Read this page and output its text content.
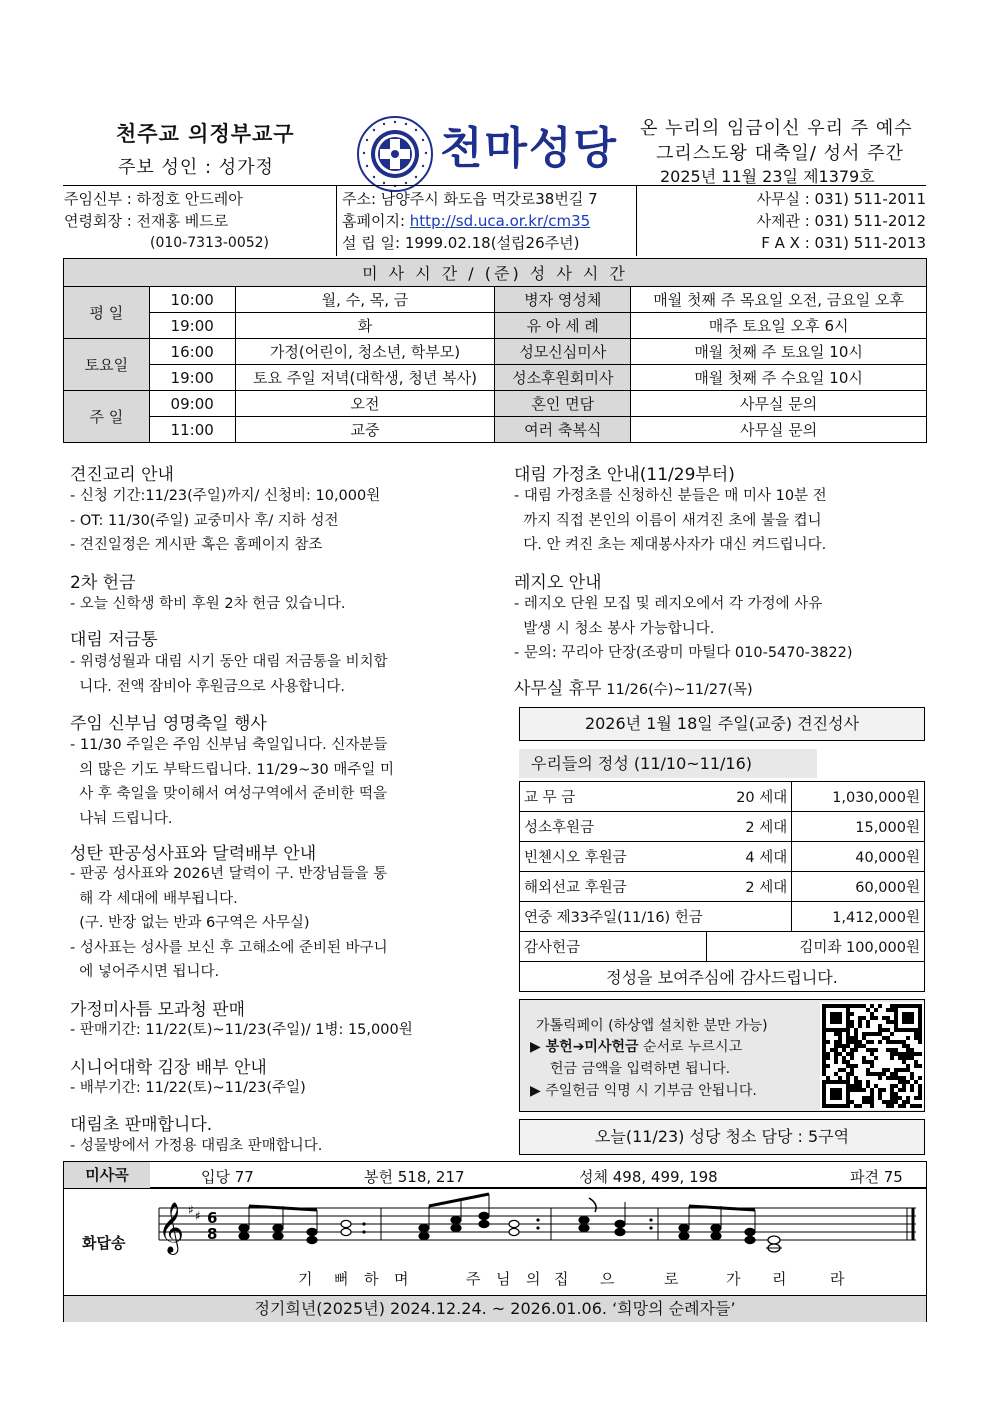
천주교 의정부교구
주보 성인 : 성가정	천마성당 온 누리의 임금이신 우리 주 예수
그리스도왕 대축일/ 성서 주간
2025년 11월 23일 제1379호
주임신부 : 하정호 안드레아
연령회장 : 전재홍 베드로
(010-7313-0052)
주소: 남양주시 화도읍 먹갓로38번길 7
홈페이지: http://sd.uca.or.kr/cm35
설 립 일: 1999.02.18(설립26주년)
사무실 : 031) 511-2011
사제관 : 031) 511-2012
F A X : 031) 511-2013
미 사 시 간 / (준) 성 사 시 간				
평 일	10:00	월, 수, 목, 금	병자 영성체	매월 첫째 주 목요일 오전, 금요일 오후
	19:00	화	유 아 세 례	매주 토요일 오후 6시
토요일	16:00	가정(어린이, 청소년, 학부모)	성모신심미사	매월 첫째 주 토요일 10시
	19:00	토요 주일 저녁(대학생, 청년 복사)	성소후원회미사	매월 첫째 주 수요일 10시
주 일	09:00	오전	혼인 면담	사무실 문의
	11:00	교중	여러 축복식	사무실 문의
견진교리 안내
- 신청 기간:11/23(주일)까지/ 신청비: 10,000원
- OT: 11/30(주일) 교중미사 후/ 지하 성전
- 견진일정은 게시판 혹은 홈페이지 참조
2차 헌금
- 오늘 신학생 학비 후원 2차 헌금 있습니다.
대림 저금통
- 위령성월과 대림 시기 동안 대림 저금통을 비치합
니다. 전액 잠비아 후원금으로 사용합니다.
주임 신부님 영명축일 행사
- 11/30 주일은 주임 신부님 축일입니다. 신자분들
의 많은 기도 부탁드립니다. 11/29~30 매주일 미
사 후 축일을 맞이해서 여성구역에서 준비한 떡을
나눠 드립니다.
성탄 판공성사표와 달력배부 안내
- 판공 성사표와 2026년 달력이 구. 반장님들을 통
해 각 세대에 배부됩니다.
(구. 반장 없는 반과 6구역은 사무실)
- 성사표는 성사를 보신 후 고해소에 준비된 바구니
에 넣어주시면 됩니다.
가정미사틈 모과청 판매
- 판매기간: 11/22(토)~11/23(주일)/ 1병: 15,000원
시니어대학 김장 배부 안내
- 배부기간: 11/22(토)~11/23(주일)
대림초 판매합니다.
- 성물방에서 가정용 대림초 판매합니다.
대림 가정초 안내(11/29부터)
- 대림 가정초를 신청하신 분들은 매 미사 10분 전
까지 직접 본인의 이름이 새겨진 초에 불을 켭니
다. 안 켜진 초는 제대봉사자가 대신 켜드립니다.
레지오 안내
- 레지오 단원 모집 및 레지오에서 각 가정에 사유
발생 시 청소 봉사 가능합니다.
- 문의: 꾸리아 단장(조광미 마틸다 010-5470-3822)
사무실 휴무 11/26(수)~11/27(목)
2026년 1월 18일 주일(교중) 견진성사
우리들의 정성 (11/10~11/16)
교 무 금	20 세대	1,030,000원
성소후원금	2 세대	15,000원
빈첸시오 후원금	4 세대	40,000원
해외선교 후원금	2 세대	60,000원
연중 제33주일(11/16) 헌금		1,412,000원
감사헌금	김미좌 100,000원	
정성을 보여주심에 감사드립니다.		
가톨릭페이 (하상앱 설치한 분만 가능)
▶ 봉헌➔미사헌금 순서로 누르시고
헌금 금액을 입력하면 됩니다.
▶ 주일헌금 익명 시 기부금 안됩니다.
오늘(11/23) 성당 청소 담당 : 5구역
미사곡	입당 77	봉헌 518, 217	성체 498, 499, 198	파견 75
화답송 𝄞 ♯ ♯ 6
8
기 뻐 하 며	주 님 의 집 으	로	가 리	라
정기희년(2025년) 2024.12.24. ~ 2026.01.06. ‘희망의 순례자들’
